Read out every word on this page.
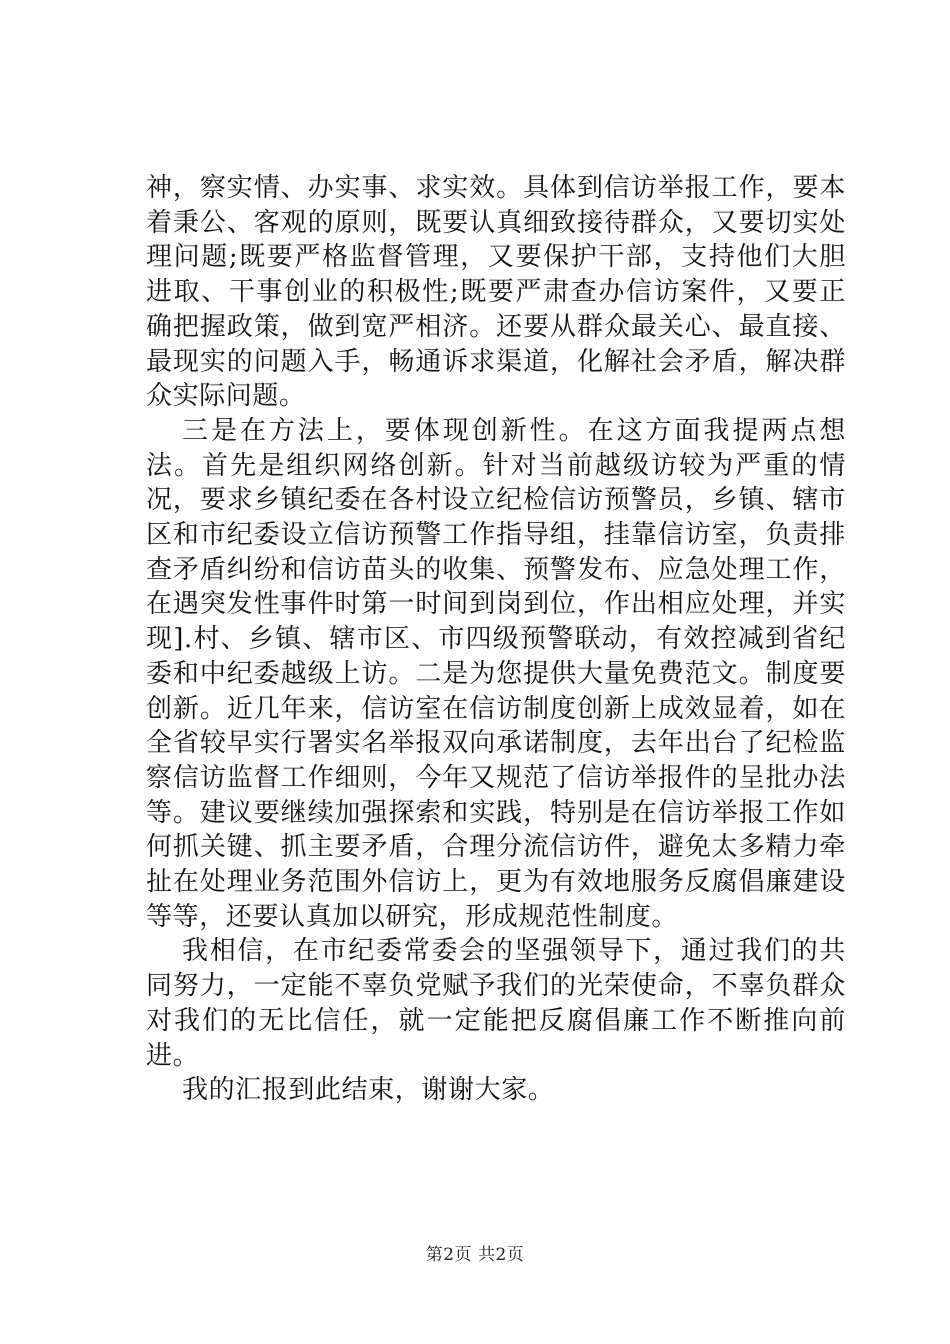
神，察实情、办实事、求实效。具体到信访举报工作，要本着秉公、客观的原则，既要认真细致接待群众，又要切实处理问题;既要严格监督管理，又要保护干部，支持他们大胆进取、干事创业的积极性;既要严肃查办信访案件，又要正确把握政策，做到宽严相济。还要从群众最关心、最直接、最现实的问题入手，畅通诉求渠道，化解社会矛盾，解决群众实际问题。

三是在方法上，要体现创新性。在这方面我提两点想法。首先是组织网络创新。针对当前越级访较为严重的情况，要求乡镇纪委在各村设立纪检信访预警员，乡镇、辖市区和市纪委设立信访预警工作指导组，挂靠信访室，负责排查矛盾纠纷和信访苗头的收集、预警发布、应急处理工作，在遇突发性事件时第一时间到岗到位，作出相应处理，并实现].村、乡镇、辖市区、市四级预警联动，有效控减到省纪委和中纪委越级上访。二是为您提供大量免费范文。制度要创新。近几年来，信访室在信访制度创新上成效显着，如在全省较早实行署实名举报双向承诺制度，去年出台了纪检监察信访监督工作细则，今年又规范了信访举报件的呈批办法等。建议要继续加强探索和实践，特别是在信访举报工作如何抓关键、抓主要矛盾，合理分流信访件，避免太多精力牵扯在处理业务范围外信访上，更为有效地服务反腐倡廉建设等等，还要认真加以研究，形成规范性制度。

我相信，在市纪委常委会的坚强领导下，通过我们的共同努力，一定能不辜负党赋予我们的光荣使命，不辜负群众对我们的无比信任，就一定能把反腐倡廉工作不断推向前进。

我的汇报到此结束，谢谢大家。

第2页 共2页
